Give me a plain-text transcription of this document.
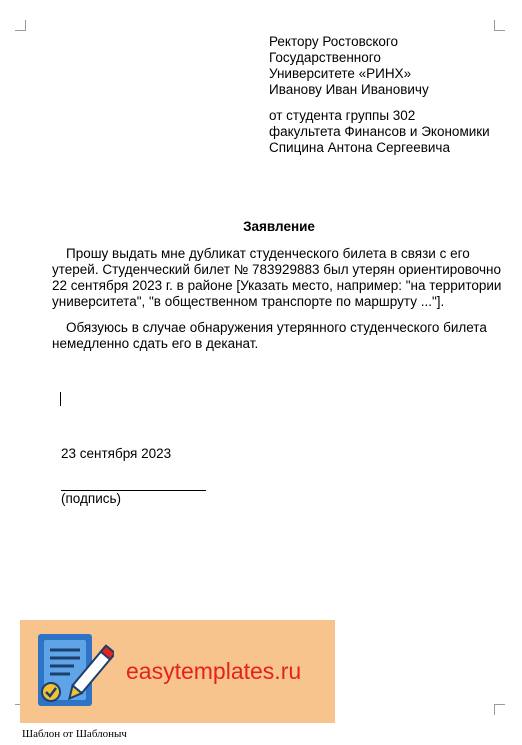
Ректору Ростовского
Государственного
Университете «РИНХ»
Иванову Иван Ивановичу
от студента группы 302
факультета Финансов и Экономики
Спицина Антона Сергеевича
Заявление

Прошу выдать мне дубликат студенческого билета в связи с его утерей. Студенческий билет № 783929883 был утерян ориентировочно 22 сентября 2023 г. в районе [Указать место, например: "на территории университета", "в общественном транспорте по маршруту ..."].

Обязуюсь в случае обнаружения утерянного студенческого билета немедленно сдать его в деканат.

23 сентября 2023
(подпись)
easytemplates.ru
Шаблон от Шаблоныч
